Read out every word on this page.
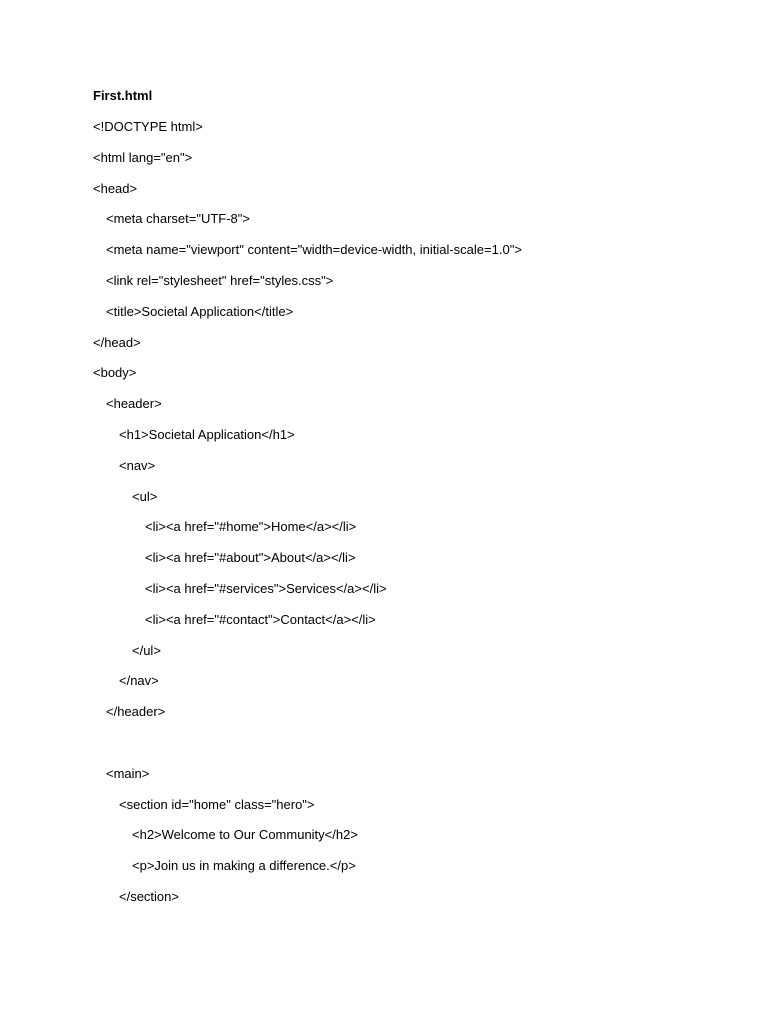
First.html
<!DOCTYPE html>
<html lang="en">
<head>
<meta charset="UTF-8">
<meta name="viewport" content="width=device-width, initial-scale=1.0">
<link rel="stylesheet" href="styles.css">
<title>Societal Application</title>
</head>
<body>
<header>
<h1>Societal Application</h1>
<nav>
<ul>
<li><a href="#home">Home</a></li>
<li><a href="#about">About</a></li>
<li><a href="#services">Services</a></li>
<li><a href="#contact">Contact</a></li>
</ul>
</nav>
</header>
<main>
<section id="home" class="hero">
<h2>Welcome to Our Community</h2>
<p>Join us in making a difference.</p>
</section>
